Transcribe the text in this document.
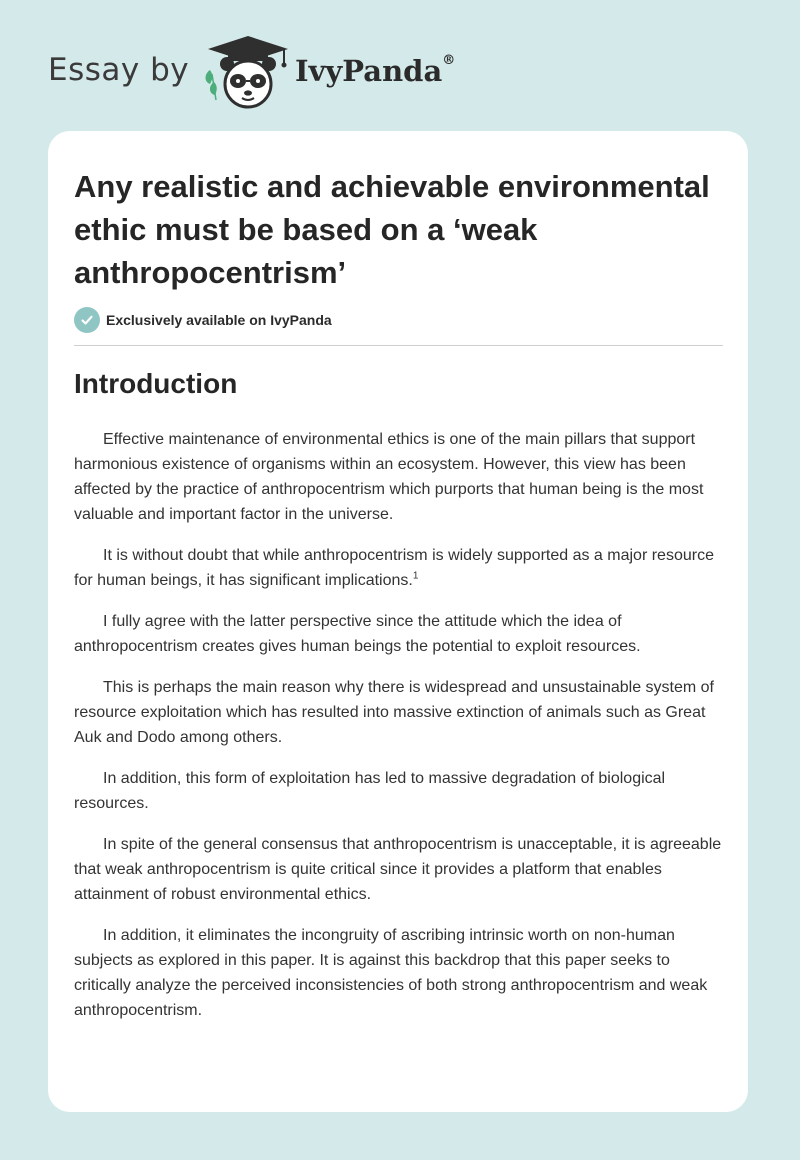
Essay by	IvyPanda®
Any realistic and achievable environmental ethic must be based on a ‘weak anthropocentrism’
Exclusively available on IvyPanda
Introduction

Effective maintenance of environmental ethics is one of the main pillars that support harmonious existence of organisms within an ecosystem. However, this view has been affected by the practice of anthropocentrism which purports that human being is the most valuable and important factor in the universe.

It is without doubt that while anthropocentrism is widely supported as a major resource for human beings, it has significant implications.$^1$

I fully agree with the latter perspective since the attitude which the idea of anthropocentrism creates gives human beings the potential to exploit resources.

This is perhaps the main reason why there is widespread and unsustainable system of resource exploitation which has resulted into massive extinction of animals such as Great Auk and Dodo among others.

In addition, this form of exploitation has led to massive degradation of biological resources.

In spite of the general consensus that anthropocentrism is unacceptable, it is agreeable that weak anthropocentrism is quite critical since it provides a platform that enables attainment of robust environmental ethics.

In addition, it eliminates the incongruity of ascribing intrinsic worth on non-human subjects as explored in this paper. It is against this backdrop that this paper seeks to critically analyze the perceived inconsistencies of both strong anthropocentrism and weak anthropocentrism.
